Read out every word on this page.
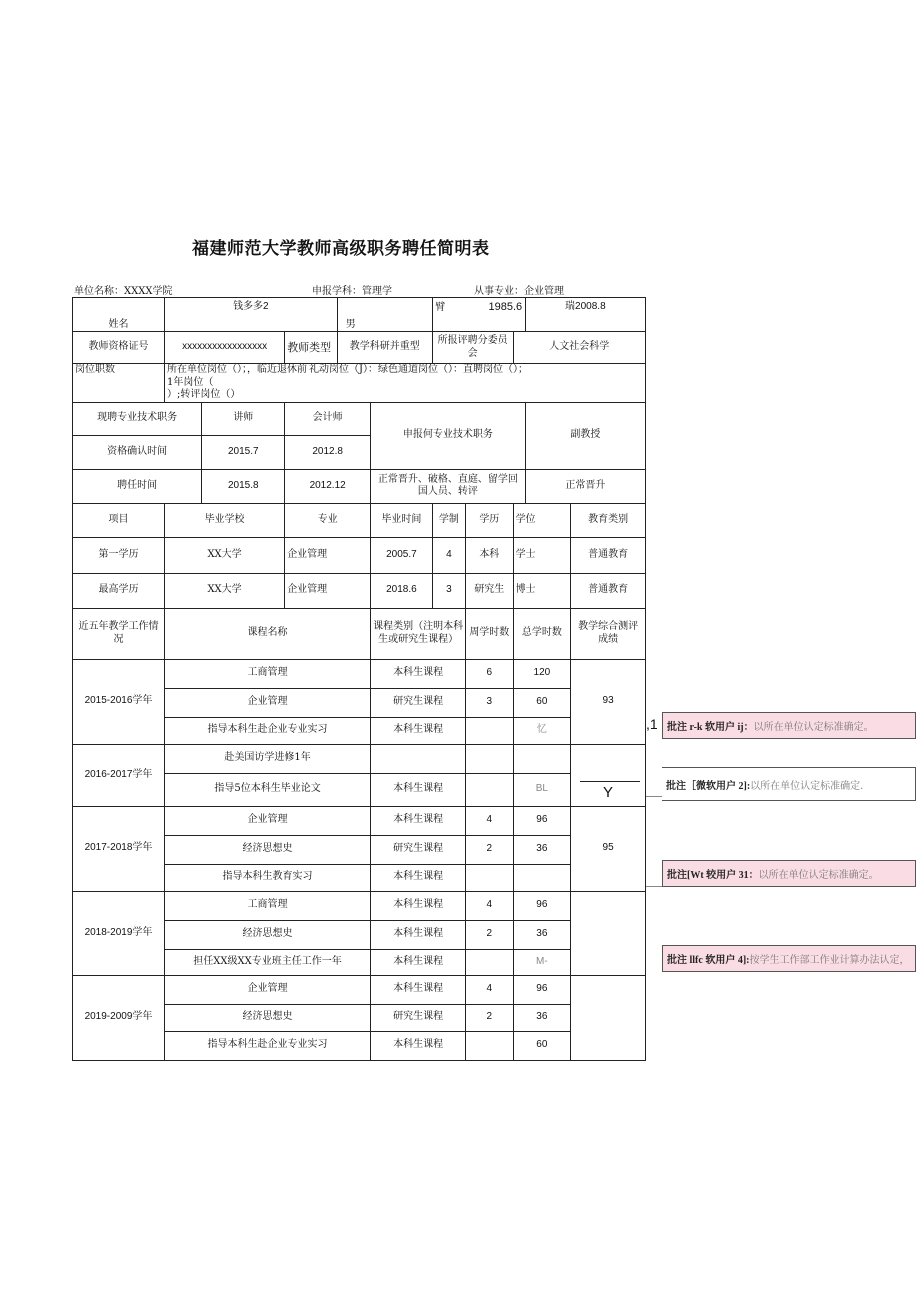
福建师范大学教师高级职务聘任简明表
单位名称：XXXX学院	申报学科：管理学	从事专业：企业管理
姓名	钱多多2			男		臂 1985.6			瑞2008.8	
教师资格证号	xxxxxxxxxxxxxxxxx		教师类型	教学科研并重型		所报评聘分委员会		人文社会科学		
岗位职数	所在单位岗位（）；，临近退休前1年岗位（
礼动岗位（J）：绿色通道岗位（）：直聘岗位（）；
）;转评岗位（）									

现聘专业技术职务		讲师	会计师		申报何专业技术职务				副教授	
资格确认时间		2015.7	2012.8							
聘任时间		2015.8	2012.12		正常晋升、破格、直庭、留学回国人员、转评				正常晋升	
项目	毕业学校		专业		毕业时间	学制	学历	学位		教育类别
第一学历	XX大学		企业管理		2005.7	4	本科	学士		普通教育
最高学历	XX大学		企业管理		2018.6	3	研究生	博士		普通教育
近五年教学工作情况	课程名称				课程类别（注明本科生或研究生课程）		周学时数	总学时数		教学综合测评成绩
2015-2016学年	工商管理				本科生课程		6	120		93
	企业管理				研究生课程		3	60		
	指导本科生赴企业专业实习				本科生课程			忆		
2016-2017学年	赴美国访学进修1年									
	指导5位本科生毕业论文				本科生课程			BL		
2017-2018学年	企业管理				本科生课程		4	96		95
	经济思想史				研究生课程		2	36		
	指导本科生教育实习				本科生课程					
2018-2019学年	工商管理				本科生课程		4	96		
	经济思想史				本科生课程		2	36		
	担任XX级XX专业班主任工作一年				本科生课程			M-		
2019-2009学年	企业管理				本科生课程		4	96		
	经济思想史				研究生课程		2	36		
	指导本科生赴企业专业实习				本科生课程			60		
,1
Y
批注 r-k 软用户 ij： 以所在单位认定标准确定。
批注［微软用户 2]: 以所在单位认定标准确定.
批注[Wt 较用户 31： 以所在单位认定标准确定。
批注 llfc 软用户 4]: 按学生工作部工作业计算办法认定，
